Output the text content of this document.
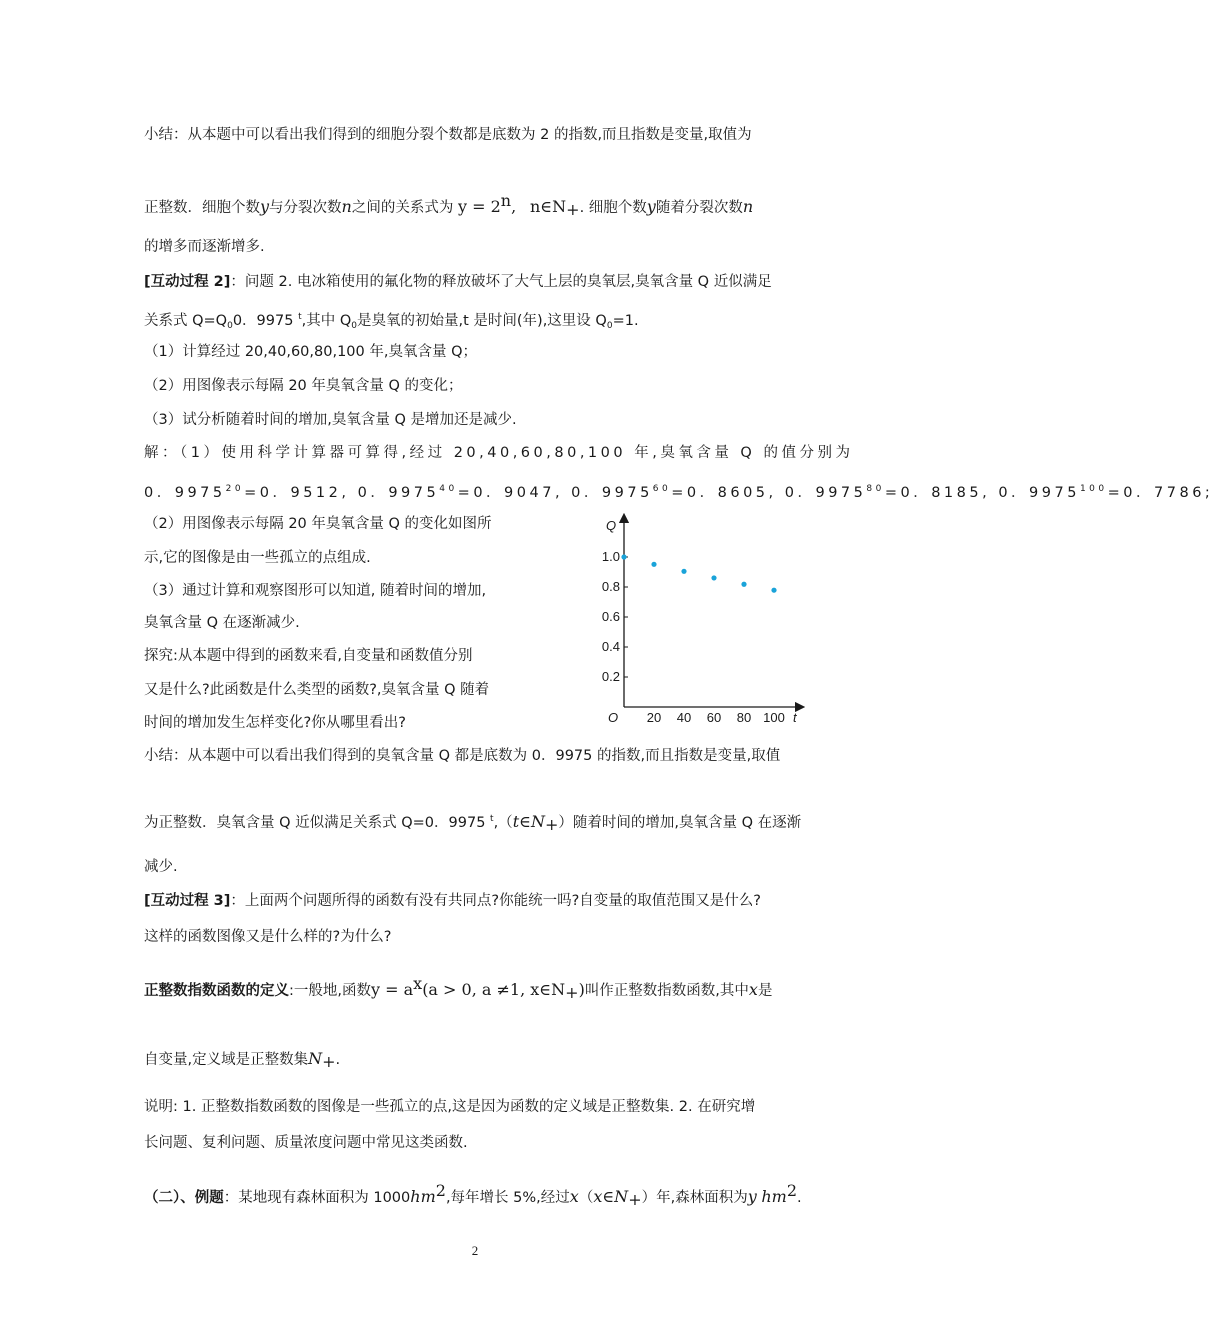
小结：从本题中可以看出我们得到的细胞分裂个数都是底数为 2 的指数,而且指数是变量,取值为
正整数．细胞个数y与分裂次数n之间的关系式为 $y = 2^n$, $n\in N_+$. 细胞个数y随着分裂次数n
的增多而逐渐增多.
[互动过程 2]：问题 2. 电冰箱使用的氟化物的释放破坏了大气上层的臭氧层,臭氧含量 Q 近似满足
关系式 $Q=Q_00$．9975 $^t$,其中 $Q_0$是臭氧的初始量,t 是时间(年),这里设 $Q_0=1$.
（1）计算经过 20,40,60,80,100 年,臭氧含量 Q；
（2）用图像表示每隔 20 年臭氧含量 Q 的变化；
（3）试分析随着时间的增加,臭氧含量 Q 是增加还是减少.
解：（1）使用科学计算器可算得,经过 20,40,60,80,100 年,臭氧含量 Q 的值分别为
0．$9975^{20}=0$．9512, 0．$9975^{40}=0$．9047, 0．$9975^{60}=0$．8605, 0．$9975^{80}=0$．8185, 0．$9975^{100}=0$．7786;
（2）用图像表示每隔 20 年臭氧含量 Q 的变化如图所
示,它的图像是由一些孤立的点组成.
（3）通过计算和观察图形可以知道, 随着时间的增加,
臭氧含量 Q 在逐渐减少.
探究:从本题中得到的函数来看,自变量和函数值分别
又是什么?此函数是什么类型的函数?,臭氧含量 Q 随着
时间的增加发生怎样变化?你从哪里看出?
0.2
0.4
0.6
0.8
1.0
20 40 60 80 100
Q
t
O
小结：从本题中可以看出我们得到的臭氧含量 Q 都是底数为 0．9975 的指数,而且指数是变量,取值
为正整数．臭氧含量 Q 近似满足关系式 Q=0．9975 $^t,(t\in N_+)$随着时间的增加,臭氧含量 Q 在逐渐
减少.
[互动过程 3]：上面两个问题所得的函数有没有共同点?你能统一吗?自变量的取值范围又是什么?
这样的函数图像又是什么样的?为什么?
正整数指数函数的定义:一般地,函数$y = a^x(a > 0$, a ≠1, $x\in N_+$)叫作正整数指数函数,其中x是
自变量,定义域是正整数集$N_+$.
说明: 1. 正整数指数函数的图像是一些孤立的点,这是因为函数的定义域是正整数集. 2. 在研究增
长问题、复利问题、质量浓度问题中常见这类函数.
（二）、例题：某地现有森林面积为 $1000hm^2$,每年增长 5%,经过$x(x\in N_+)$年,森林面积为y $hm^2$.
2
